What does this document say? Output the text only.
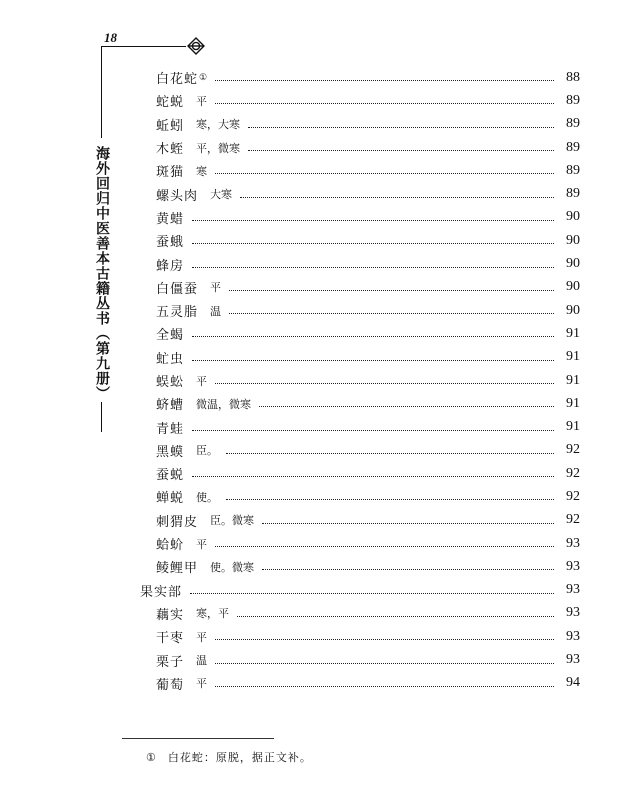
18
海外回归中医善本古籍丛书（第九册）
白花蛇 ①	88
蛇蜕 平	89
蚯蚓 寒，大寒	89
木蛭 平，微寒	89
斑猫 寒	89
螺头肉 大寒	89
黄蜡	90
蚕蛾	90
蜂房	90
白僵蚕 平	90
五灵脂 温	90
全蝎	91
虻虫	91
蜈蚣 平	91
蛴螬 微温，微寒	91
青蛙	91
黑蟆 臣。	92
蚕蜕	92
蝉蜕 使。	92
刺猬皮 臣。微寒	92
蛤蚧 平	93
鲮鲤甲 使。微寒	93
果实部	93
藕实 寒，平	93
干枣 平	93
栗子 温	93
葡萄 平	94
① 白花蛇：原脱，据正文补。
